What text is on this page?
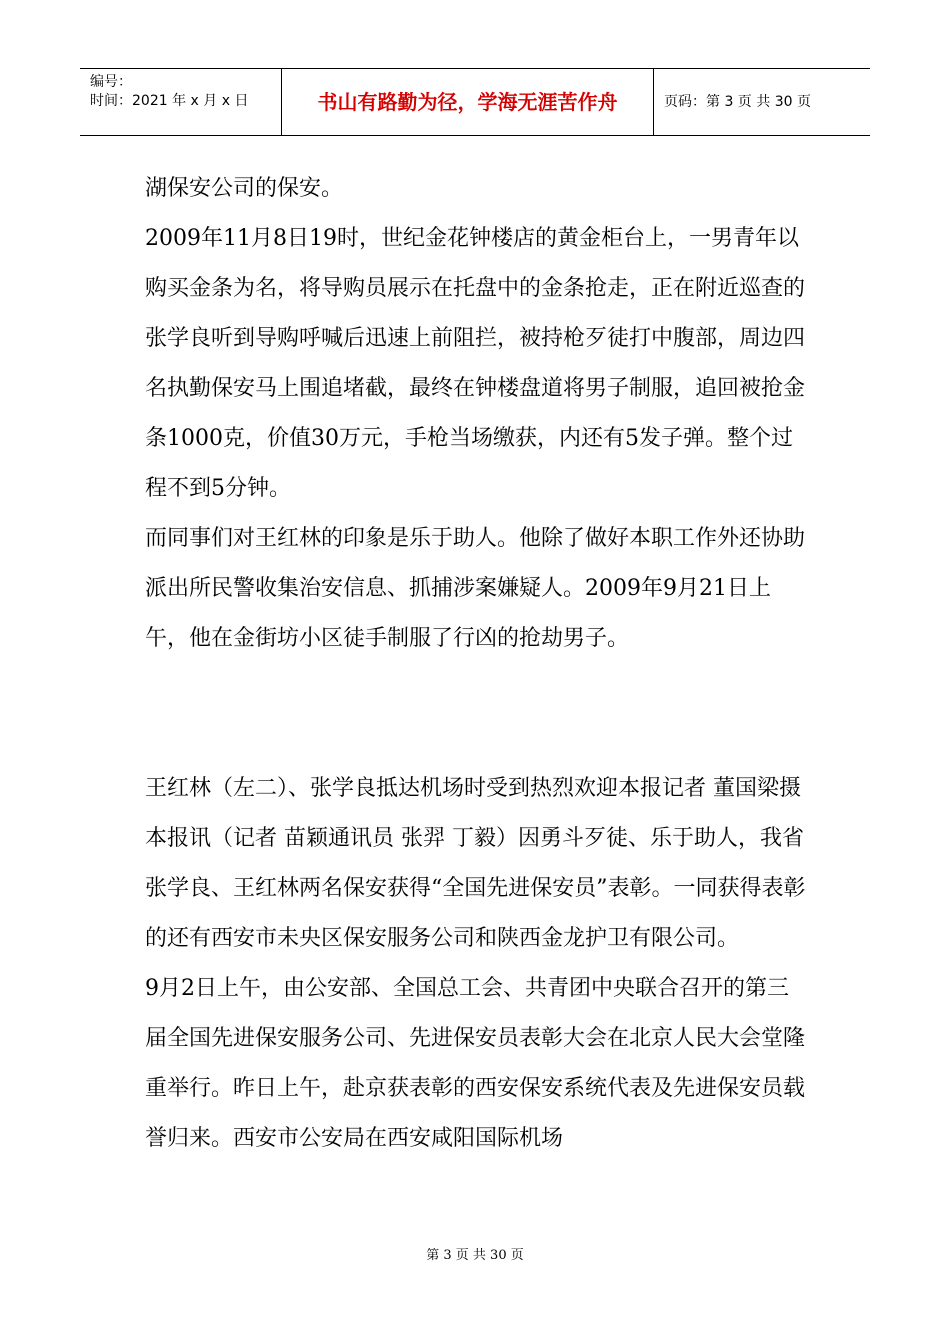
编号：
时间：2021 年 x 月 x 日	书山有路勤为径，学海无涯苦作舟	页码：第 3 页 共 30 页

湖保安公司的保安。

2009年11月8日19时，世纪金花钟楼店的黄金柜台上，一男青年以购买金条为名，将导购员展示在托盘中的金条抢走，正在附近巡查的张学良听到导购呼喊后迅速上前阻拦，被持枪歹徒打中腹部，周边四名执勤保安马上围追堵截，最终在钟楼盘道将男子制服，追回被抢金条1000克，价值30万元，手枪当场缴获，内还有5发子弹。整个过程不到5分钟。

而同事们对王红林的印象是乐于助人。他除了做好本职工作外还协助派出所民警收集治安信息、抓捕涉案嫌疑人。2009年9月21日上午，他在金街坊小区徒手制服了行凶的抢劫男子。

王红林（左二）、张学良抵达机场时受到热烈欢迎本报记者 董国梁摄本报讯（记者 苗颖通讯员 张羿 丁毅）因勇斗歹徒、乐于助人，我省张学良、王红林两名保安获得“全国先进保安员”表彰。一同获得表彰的还有西安市未央区保安服务公司和陕西金龙护卫有限公司。

9月2日上午，由公安部、全国总工会、共青团中央联合召开的第三届全国先进保安服务公司、先进保安员表彰大会在北京人民大会堂隆重举行。昨日上午，赴京获表彰的西安保安系统代表及先进保安员载誉归来。西安市公安局在西安咸阳国际机场

第 3 页 共 30 页
